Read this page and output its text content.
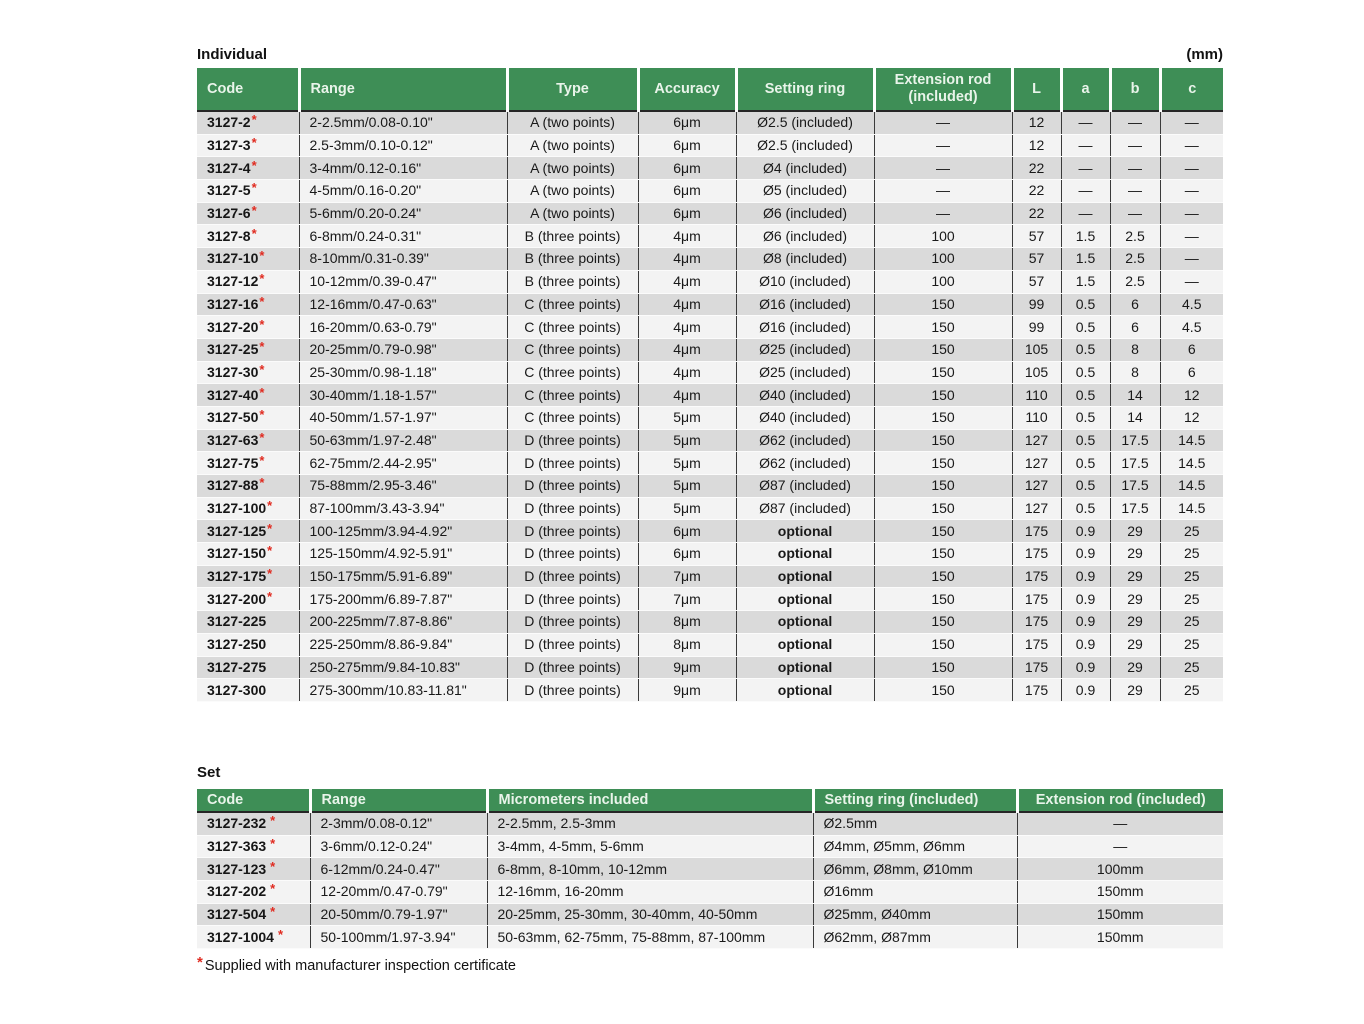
Individual	(mm)
Code	Range	Type	Accuracy	Setting ring	Extension rod (included)	L	a	b	c
3127-2*	2-2.5mm/0.08-0.10"	A (two points)	6μm	Ø2.5 (included)	—	12	—	—	—
3127-3*	2.5-3mm/0.10-0.12"	A (two points)	6μm	Ø2.5 (included)	—	12	—	—	—
3127-4*	3-4mm/0.12-0.16"	A (two points)	6μm	Ø4 (included)	—	22	—	—	—
3127-5*	4-5mm/0.16-0.20"	A (two points)	6μm	Ø5 (included)	—	22	—	—	—
3127-6*	5-6mm/0.20-0.24"	A (two points)	6μm	Ø6 (included)	—	22	—	—	—
3127-8*	6-8mm/0.24-0.31"	B (three points)	4μm	Ø6 (included)	100	57	1.5	2.5	—
3127-10*	8-10mm/0.31-0.39"	B (three points)	4μm	Ø8 (included)	100	57	1.5	2.5	—
3127-12*	10-12mm/0.39-0.47"	B (three points)	4μm	Ø10 (included)	100	57	1.5	2.5	—
3127-16*	12-16mm/0.47-0.63"	C (three points)	4μm	Ø16 (included)	150	99	0.5	6	4.5
3127-20*	16-20mm/0.63-0.79"	C (three points)	4μm	Ø16 (included)	150	99	0.5	6	4.5
3127-25*	20-25mm/0.79-0.98"	C (three points)	4μm	Ø25 (included)	150	105	0.5	8	6
3127-30*	25-30mm/0.98-1.18"	C (three points)	4μm	Ø25 (included)	150	105	0.5	8	6
3127-40*	30-40mm/1.18-1.57"	C (three points)	4μm	Ø40 (included)	150	110	0.5	14	12
3127-50*	40-50mm/1.57-1.97"	C (three points)	5μm	Ø40 (included)	150	110	0.5	14	12
3127-63*	50-63mm/1.97-2.48"	D (three points)	5μm	Ø62 (included)	150	127	0.5	17.5	14.5
3127-75*	62-75mm/2.44-2.95"	D (three points)	5μm	Ø62 (included)	150	127	0.5	17.5	14.5
3127-88*	75-88mm/2.95-3.46"	D (three points)	5μm	Ø87 (included)	150	127	0.5	17.5	14.5
3127-100*	87-100mm/3.43-3.94"	D (three points)	5μm	Ø87 (included)	150	127	0.5	17.5	14.5
3127-125*	100-125mm/3.94-4.92"	D (three points)	6μm	optional	150	175	0.9	29	25
3127-150*	125-150mm/4.92-5.91"	D (three points)	6μm	optional	150	175	0.9	29	25
3127-175*	150-175mm/5.91-6.89"	D (three points)	7μm	optional	150	175	0.9	29	25
3127-200*	175-200mm/6.89-7.87"	D (three points)	7μm	optional	150	175	0.9	29	25
3127-225	200-225mm/7.87-8.86"	D (three points)	8μm	optional	150	175	0.9	29	25
3127-250	225-250mm/8.86-9.84"	D (three points)	8μm	optional	150	175	0.9	29	25
3127-275	250-275mm/9.84-10.83"	D (three points)	9μm	optional	150	175	0.9	29	25
3127-300	275-300mm/10.83-11.81"	D (three points)	9μm	optional	150	175	0.9	29	25
Set
Code	Range	Micrometers included	Setting ring (included)	Extension rod (included)
3127-232 *	2-3mm/0.08-0.12"	2-2.5mm, 2.5-3mm	Ø2.5mm	—
3127-363 *	3-6mm/0.12-0.24"	3-4mm, 4-5mm, 5-6mm	Ø4mm, Ø5mm, Ø6mm	—
3127-123 *	6-12mm/0.24-0.47"	6-8mm, 8-10mm, 10-12mm	Ø6mm, Ø8mm, Ø10mm	100mm
3127-202 *	12-20mm/0.47-0.79"	12-16mm, 16-20mm	Ø16mm	150mm
3127-504 *	20-50mm/0.79-1.97"	20-25mm, 25-30mm, 30-40mm, 40-50mm	Ø25mm, Ø40mm	150mm
3127-1004 *	50-100mm/1.97-3.94"	50-63mm, 62-75mm, 75-88mm, 87-100mm	Ø62mm, Ø87mm	150mm
* Supplied with manufacturer inspection certificate
